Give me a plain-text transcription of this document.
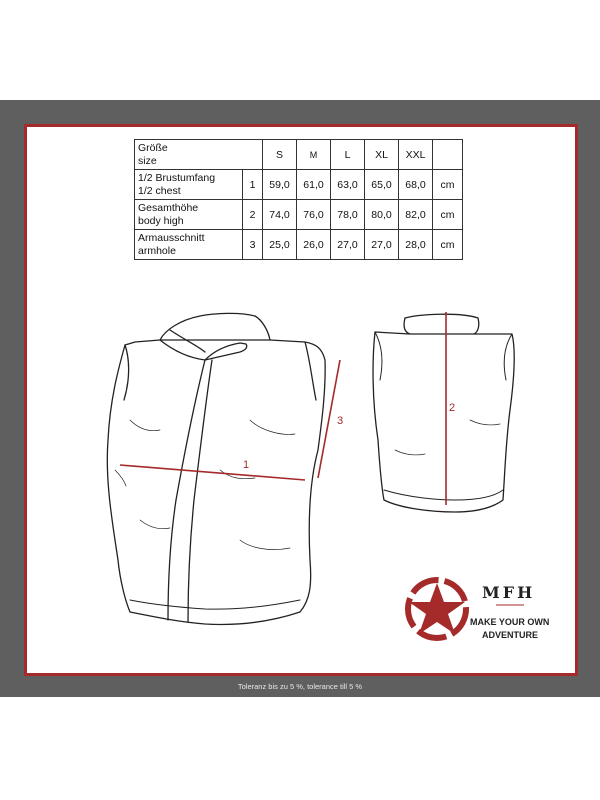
Größe
size		S	M	L	XL	XXL	

1/2 Brustumfang
1/2 chest	1	59,0	61,0	63,0	65,0	68,0	cm

Gesamthöhe
body high	2	74,0	76,0	78,0	80,0	82,0	cm

Armausschnitt
armhole	3	25,0	26,0	27,0	27,0	28,0	cm
1
3
2
MFH
MAKE YOUR OWN
ADVENTURE
Toleranz bis zu 5 %, tolerance till 5 %
